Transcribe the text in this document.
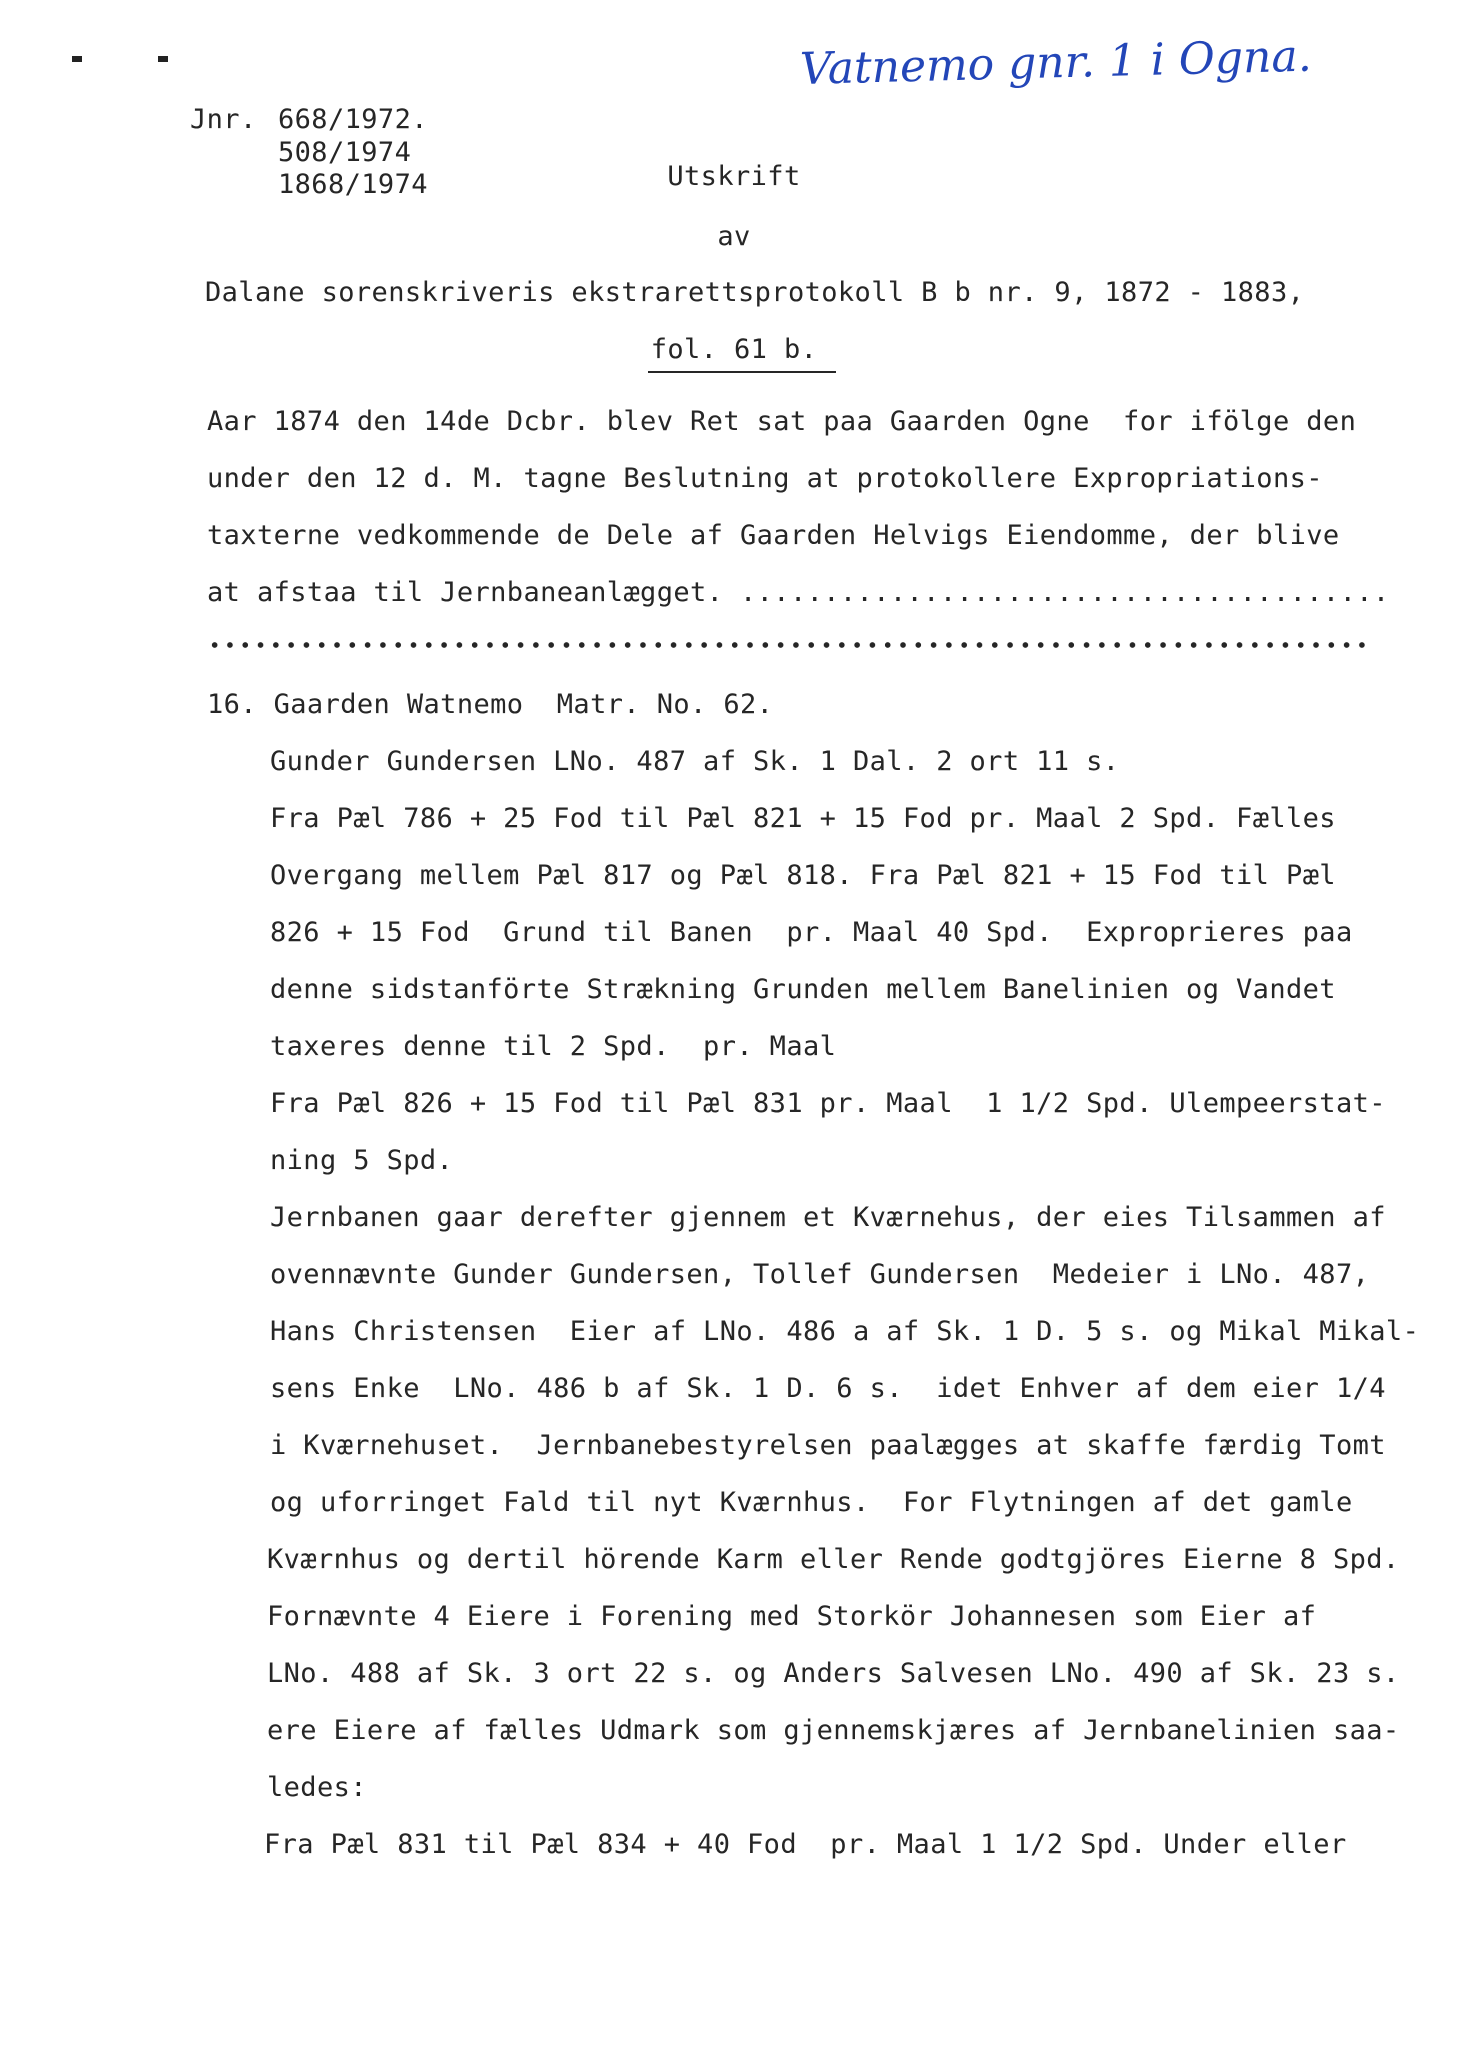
Vatnemo gnr. 1 i Ogna.
Jnr. 668/1972.
508/1974
1868/1974	Utskrift
av
Dalane sorenskriveris ekstrarettsprotokoll B b nr. 9, 1872 - 1883,
fol. 61 b.
Aar 1874 den 14de Dcbr. blev Ret sat paa Gaarden Ogne  for ifölge den
under den 12 d. M. tagne Beslutning at protokollere Expropriations-
taxterne vedkommende de Dele af Gaarden Helvigs Eiendomme, der blive
at afstaa til Jernbaneanlægget. .......................................
16. Gaarden Watnemo  Matr. No. 62.
Gunder Gundersen LNo. 487 af Sk. 1 Dal. 2 ort 11 s.
Fra Pæl 786 + 25 Fod til Pæl 821 + 15 Fod pr. Maal 2 Spd. Fælles
Overgang mellem Pæl 817 og Pæl 818. Fra Pæl 821 + 15 Fod til Pæl
826 + 15 Fod  Grund til Banen  pr. Maal 40 Spd.  Exproprieres paa
denne sidstanförte Strækning Grunden mellem Banelinien og Vandet
taxeres denne til 2 Spd.  pr. Maal
Fra Pæl 826 + 15 Fod til Pæl 831 pr. Maal  1 1/2 Spd. Ulempeerstat-
ning 5 Spd.
Jernbanen gaar derefter gjennem et Kværnehus, der eies Tilsammen af
ovennævnte Gunder Gundersen, Tollef Gundersen  Medeier i LNo. 487,
Hans Christensen  Eier af LNo. 486 a af Sk. 1 D. 5 s. og Mikal Mikal-
sens Enke  LNo. 486 b af Sk. 1 D. 6 s.  idet Enhver af dem eier 1/4
i Kværnehuset.  Jernbanebestyrelsen paalægges at skaffe færdig Tomt
og uforringet Fald til nyt Kværnhus.  For Flytningen af det gamle
Kværnhus og dertil hörende Karm eller Rende godtgjöres Eierne 8 Spd.
Fornævnte 4 Eiere i Forening med Storkör Johannesen som Eier af
LNo. 488 af Sk. 3 ort 22 s. og Anders Salvesen LNo. 490 af Sk. 23 s.
ere Eiere af fælles Udmark som gjennemskjæres af Jernbanelinien saa-
ledes:
Fra Pæl 831 til Pæl 834 + 40 Fod  pr. Maal 1 1/2 Spd. Under eller
